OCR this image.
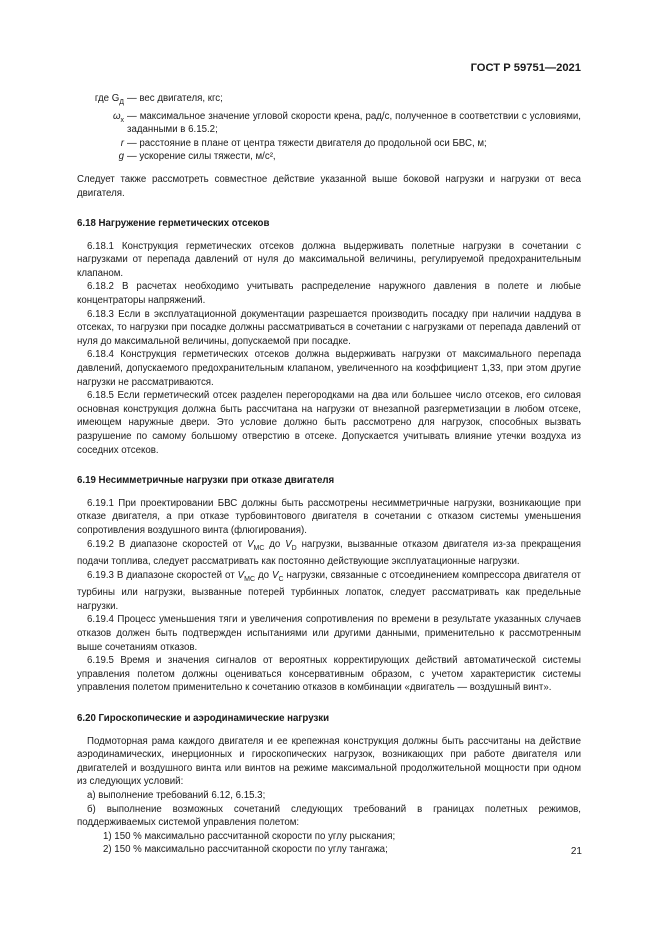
ГОСТ Р 59751—2021
где $G_Д$ — вес двигателя, кгс;
$\omega_x$ — максимальное значение угловой скорости крена, рад/с, полученное в соответствии с условиями, заданными в 6.15.2;
r — расстояние в плане от центра тяжести двигателя до продольной оси БВС, м;
g — ускорение силы тяжести, м/с²,

Следует также рассмотреть совместное действие указанной выше боковой нагрузки и нагрузки от веса двигателя.

6.18 Нагружение герметических отсеков

6.18.1 Конструкция герметических отсеков должна выдерживать полетные нагрузки в сочетании с нагрузками от перепада давлений от нуля до максимальной величины, регулируемой предохранительным клапаном.

6.18.2 В расчетах необходимо учитывать распределение наружного давления в полете и любые концентраторы напряжений.

6.18.3 Если в эксплуатационной документации разрешается производить посадку при наличии наддува в отсеках, то нагрузки при посадке должны рассматриваться в сочетании с нагрузками от перепада давлений от нуля до максимальной величины, допускаемой при посадке.

6.18.4 Конструкция герметических отсеков должна выдерживать нагрузки от максимального перепада давлений, допускаемого предохранительным клапаном, увеличенного на коэффициент 1,33, при этом другие нагрузки не рассматриваются.

6.18.5 Если герметический отсек разделен перегородками на два или большее число отсеков, его силовая основная конструкция должна быть рассчитана на нагрузки от внезапной разгерметизации в любом отсеке, имеющем наружные двери. Это условие должно быть рассмотрено для нагрузок, способных вызвать разрушение по самому большому отверстию в отсеке. Допускается учитывать влияние утечки воздуха из соседних отсеков.

6.19 Несимметричные нагрузки при отказе двигателя

6.19.1 При проектировании БВС должны быть рассмотрены несимметричные нагрузки, возникающие при отказе двигателя, а при отказе турбовинтового двигателя в сочетании с отказом системы уменьшения сопротивления воздушного винта (флюгирования).

6.19.2 В диапазоне скоростей от $V_{MC}$ до $V_D$ нагрузки, вызванные отказом двигателя из-за прекращения подачи топлива, следует рассматривать как постоянно действующие эксплуатационные нагрузки.

6.19.3 В диапазоне скоростей от $V_{MC}$ до $V_C$ нагрузки, связанные с отсоединением компрессора двигателя от турбины или нагрузки, вызванные потерей турбинных лопаток, следует рассматривать как предельные нагрузки.

6.19.4 Процесс уменьшения тяги и увеличения сопротивления по времени в результате указанных случаев отказов должен быть подтвержден испытаниями или другими данными, применительно к рассмотренным выше сочетаниям отказов.

6.19.5 Время и значения сигналов от вероятных корректирующих действий автоматической системы управления полетом должны оцениваться консервативным образом, с учетом характеристик системы управления полетом применительно к сочетанию отказов в комбинации «двигатель — воздушный винт».

6.20 Гироскопические и аэродинамические нагрузки

Подмоторная рама каждого двигателя и ее крепежная конструкция должны быть рассчитаны на действие аэродинамических, инерционных и гироскопических нагрузок, возникающих при работе двигателя или двигателей и воздушного винта или винтов на режиме максимальной продолжительной мощности при одном из следующих условий:

а) выполнение требований 6.12, 6.15.3;

б) выполнение возможных сочетаний следующих требований в границах полетных режимов, поддерживаемых системой управления полетом:

1) 150 % максимально рассчитанной скорости по углу рыскания;

2) 150 % максимально рассчитанной скорости по углу тангажа;	21
